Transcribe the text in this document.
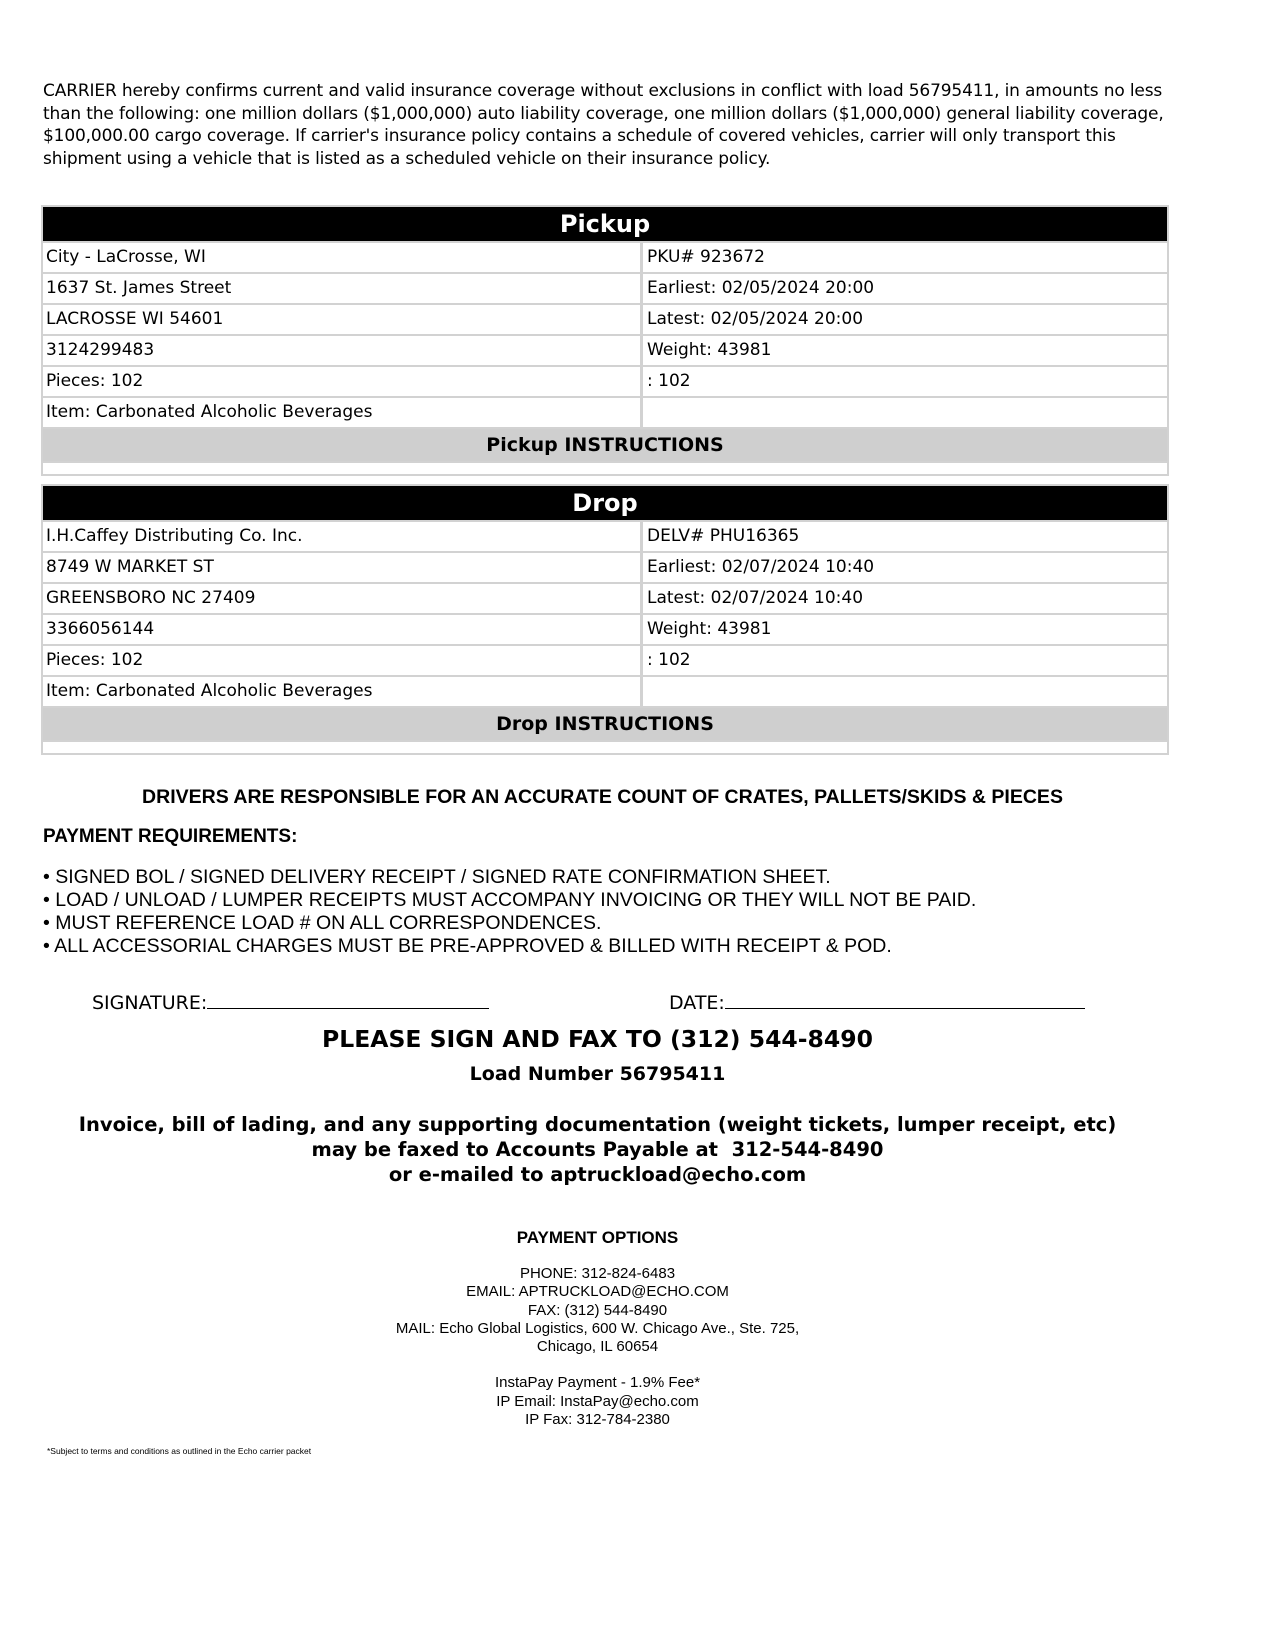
CARRIER hereby confirms current and valid insurance coverage without exclusions in conflict with load 56795411, in amounts no less than the following: one million dollars ($1,000,000) auto liability coverage, one million dollars ($1,000,000) general liability coverage, $100,000.00 cargo coverage. If carrier's insurance policy contains a schedule of covered vehicles, carrier will only transport this shipment using a vehicle that is listed as a scheduled vehicle on their insurance policy.
Pickup
City - LaCrosse, WI	PKU# 923672
1637 St. James Street	Earliest: 02/05/2024 20:00
LACROSSE WI 54601	Latest: 02/05/2024 20:00
3124299483	Weight: 43981
Pieces: 102	: 102
Item: Carbonated Alcoholic Beverages
Pickup INSTRUCTIONS
Drop
I.H.Caffey Distributing Co. Inc.	DELV# PHU16365
8749 W MARKET ST	Earliest: 02/07/2024 10:40
GREENSBORO NC 27409	Latest: 02/07/2024 10:40
3366056144	Weight: 43981
Pieces: 102	: 102
Item: Carbonated Alcoholic Beverages
Drop INSTRUCTIONS
DRIVERS ARE RESPONSIBLE FOR AN ACCURATE COUNT OF CRATES, PALLETS/SKIDS & PIECES
PAYMENT REQUIREMENTS:
• SIGNED BOL / SIGNED DELIVERY RECEIPT / SIGNED RATE CONFIRMATION SHEET.
• LOAD / UNLOAD / LUMPER RECEIPTS MUST ACCOMPANY INVOICING OR THEY WILL NOT BE PAID.
• MUST REFERENCE LOAD # ON ALL CORRESPONDENCES.
• ALL ACCESSORIAL CHARGES MUST BE PRE-APPROVED & BILLED WITH RECEIPT & POD.
SIGNATURE:	DATE:
PLEASE SIGN AND FAX TO (312) 544-8490
Load Number 56795411
Invoice, bill of lading, and any supporting documentation (weight tickets, lumper receipt, etc)
may be faxed to Accounts Payable at  312-544-8490
or e-mailed to aptruckload@echo.com
PAYMENT OPTIONS
PHONE: 312-824-6483
EMAIL: APTRUCKLOAD@ECHO.COM
FAX: (312) 544-8490
MAIL: Echo Global Logistics, 600 W. Chicago Ave., Ste. 725,
Chicago, IL 60654
InstaPay Payment - 1.9% Fee*
IP Email: InstaPay@echo.com
IP Fax: 312-784-2380
*Subject to terms and conditions as outlined in the Echo carrier packet
